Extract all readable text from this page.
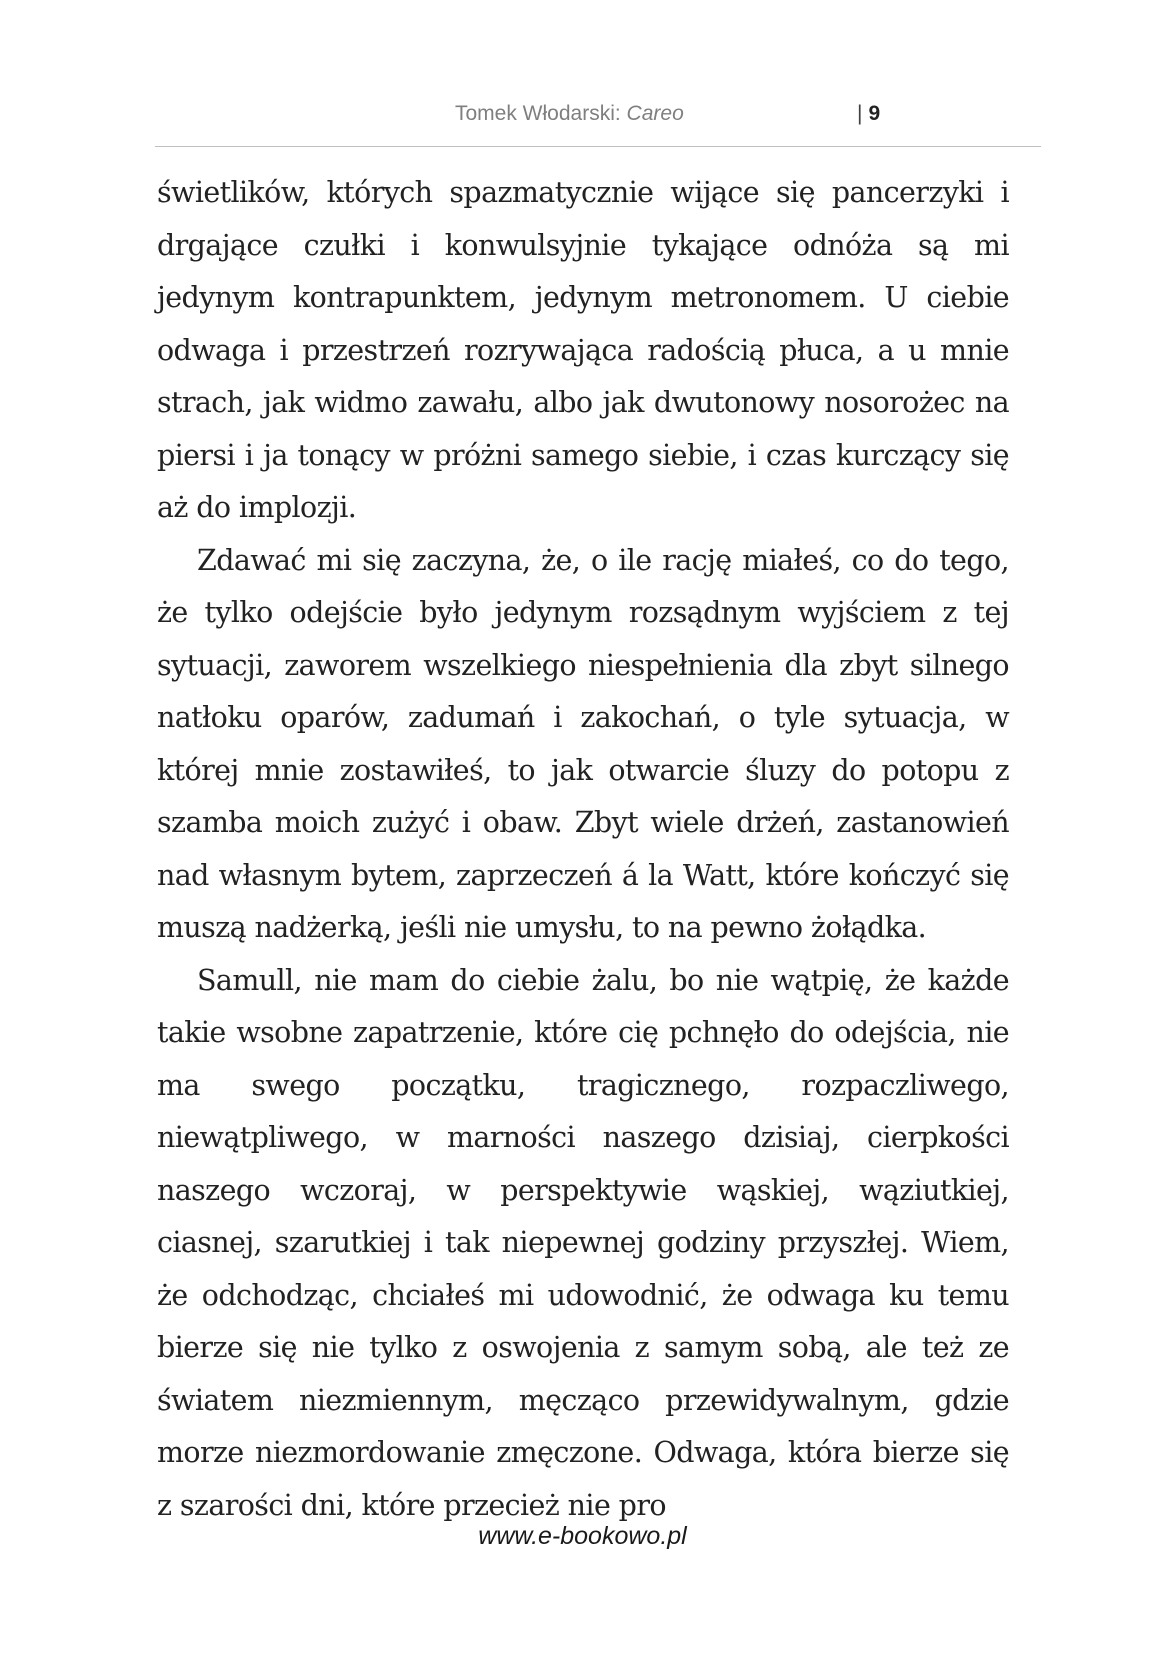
Tomek Włodarski: Careo	| 9

świetlików, których spazmatycznie wijące się pancerzyki i drgające czułki i konwulsyjnie tykające odnóża są mi jedynym kontrapunktem, jedynym metronomem. U ciebie odwaga i przestrzeń rozrywająca radością płuca, a u mnie strach, jak widmo zawału, albo jak dwutonowy nosorożec na piersi i ja tonący w próżni samego siebie, i czas kurczący się aż do implozji.

Zdawać mi się zaczyna, że, o ile rację miałeś, co do tego, że tylko odejście było jedynym rozsądnym wyjściem z tej sytuacji, zaworem wszelkiego niespełnienia dla zbyt silnego natłoku oparów, zadumań i zakochań, o tyle sytuacja, w której mnie zostawiłeś, to jak otwarcie śluzy do potopu z szamba moich zużyć i obaw. Zbyt wiele drżeń, zastanowień nad własnym bytem, zaprzeczeń á la Watt, które kończyć się muszą nadżerką, jeśli nie umysłu, to na pewno żołądka.

Samull, nie mam do ciebie żalu, bo nie wątpię, że każde takie wsobne zapatrzenie, które cię pchnęło do odejścia, nie ma swego początku, tragicznego, rozpaczliwego, niewątpliwego, w marności naszego dzisiaj, cierpkości naszego wczoraj, w perspektywie wąskiej, wąziutkiej, ciasnej, szarutkiej i tak niepewnej godziny przyszłej. Wiem, że odchodząc, chciałeś mi udowodnić, że odwaga ku temu bierze się nie tylko z oswojenia z samym sobą, ale też ze światem niezmiennym, męcząco przewidywalnym, gdzie morze niezmordowanie zmęczone. Odwaga, która bierze się z szarości dni, które przecież nie pro

www.e-bookowo.pl
